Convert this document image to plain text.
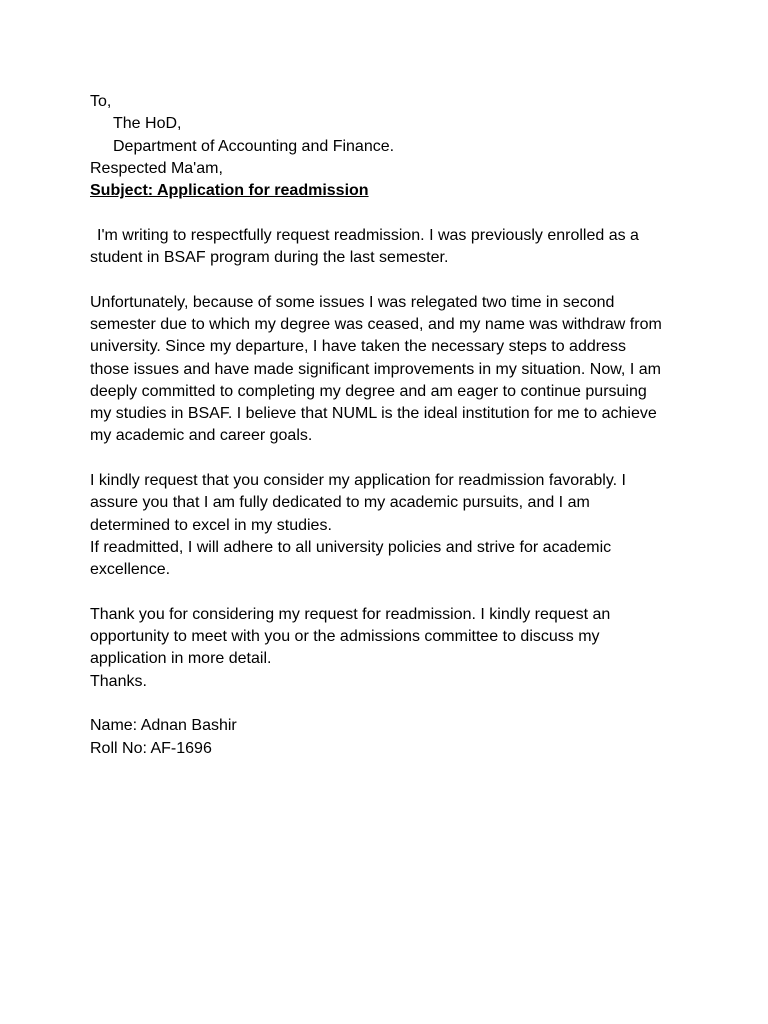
To,
The HoD,
Department of Accounting and Finance.
Respected Ma'am,
Subject: Application for readmission
I'm writing to respectfully request readmission. I was previously enrolled as a
student in BSAF program during the last semester.
Unfortunately, because of some issues I was relegated two time in second
semester due to which my degree was ceased, and my name was withdraw from
university. Since my departure, I have taken the necessary steps to address
those issues and have made significant improvements in my situation. Now, I am
deeply committed to completing my degree and am eager to continue pursuing
my studies in BSAF. I believe that NUML is the ideal institution for me to achieve
my academic and career goals.
I kindly request that you consider my application for readmission favorably. I
assure you that I am fully dedicated to my academic pursuits, and I am
determined to excel in my studies.
If readmitted, I will adhere to all university policies and strive for academic
excellence.
Thank you for considering my request for readmission. I kindly request an
opportunity to meet with you or the admissions committee to discuss my
application in more detail.
Thanks.
Name: Adnan Bashir
Roll No: AF-1696
